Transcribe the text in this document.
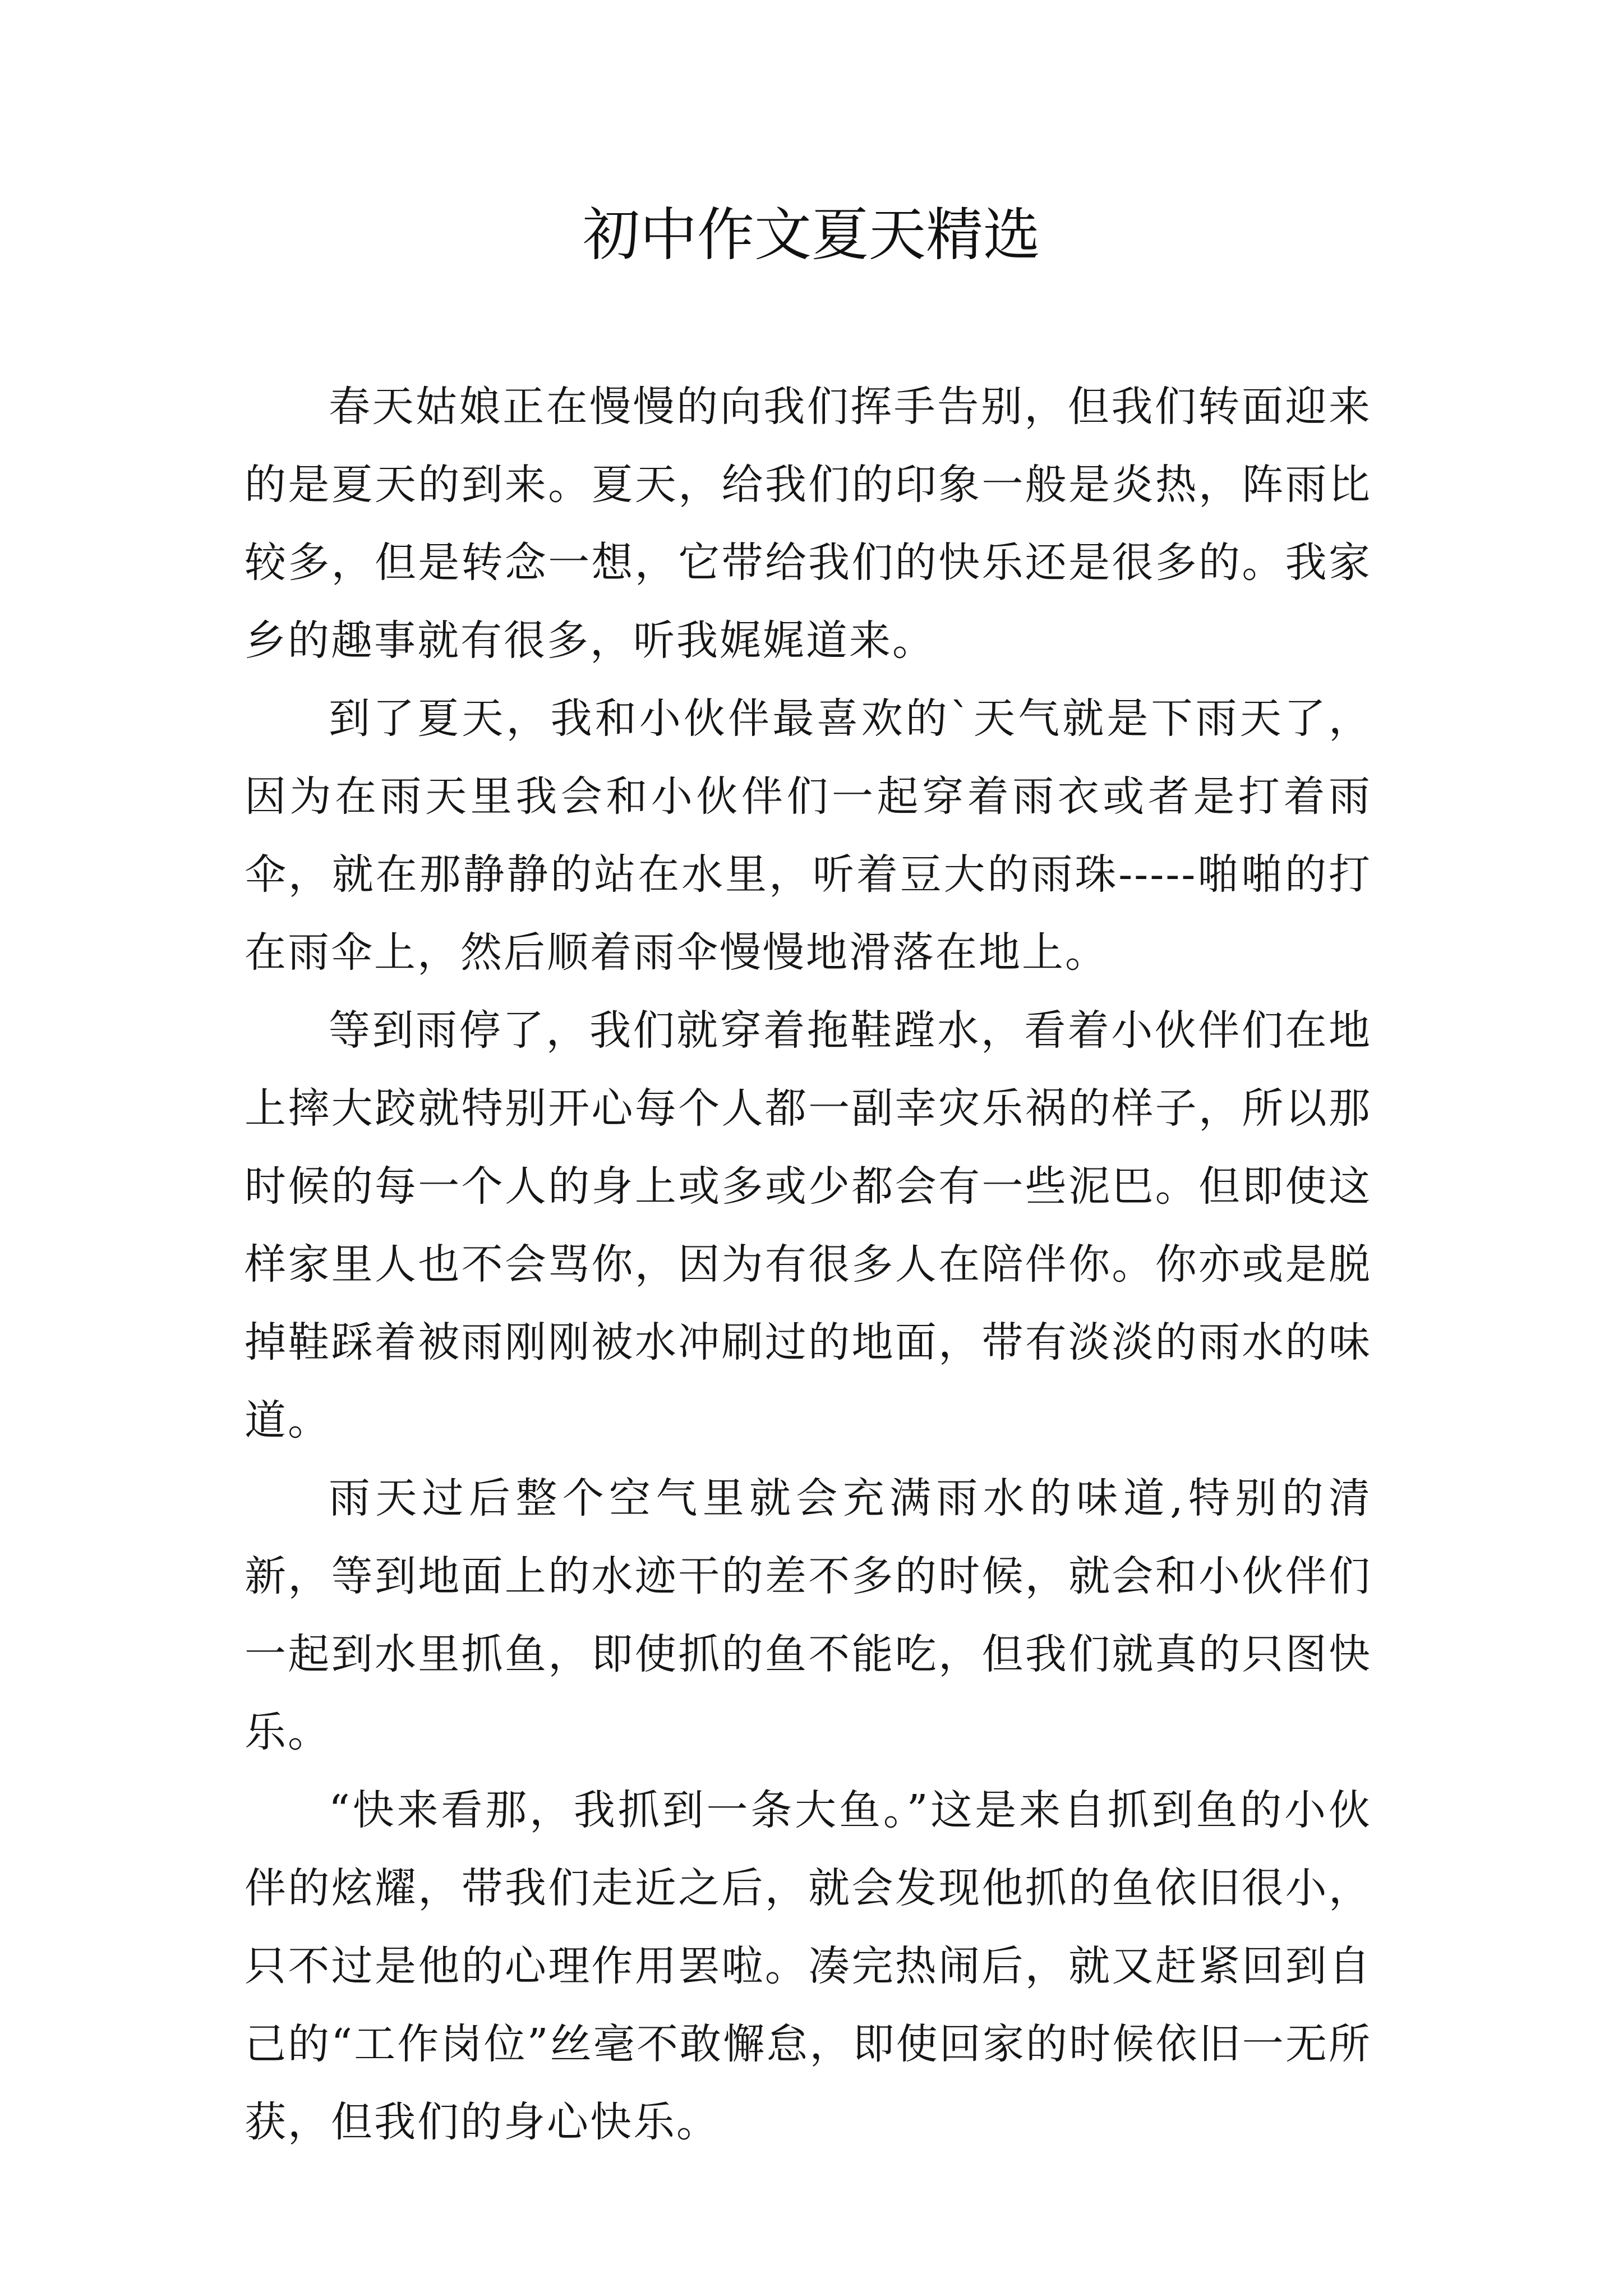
初中作文夏天精选

春天姑娘正在慢慢的向我们挥手告别，但我们转面迎来的是夏天的到来。夏天，给我们的印象一般是炎热，阵雨比较多，但是转念一想，它带给我们的快乐还是很多的。我家乡的趣事就有很多，听我娓娓道来。

到了夏天，我和小伙伴最喜欢的`天气就是下雨天了，因为在雨天里我会和小伙伴们一起穿着雨衣或者是打着雨伞，就在那静静的站在水里，听着豆大的雨珠-----啪啪的打在雨伞上，然后顺着雨伞慢慢地滑落在地上。

等到雨停了，我们就穿着拖鞋蹚水，看着小伙伴们在地上摔大跤就特别开心每个人都一副幸灾乐祸的样子，所以那时候的每一个人的身上或多或少都会有一些泥巴。但即使这样家里人也不会骂你，因为有很多人在陪伴你。你亦或是脱掉鞋踩着被雨刚刚被水冲刷过的地面，带有淡淡的雨水的味道。

雨天过后整个空气里就会充满雨水的味道,特别的清新，等到地面上的水迹干的差不多的时候，就会和小伙伴们一起到水里抓鱼，即使抓的鱼不能吃，但我们就真的只图快乐。

“快来看那，我抓到一条大鱼。”这是来自抓到鱼的小伙伴的炫耀，带我们走近之后，就会发现他抓的鱼依旧很小，只不过是他的心理作用罢啦。凑完热闹后，就又赶紧回到自己的“工作岗位”丝毫不敢懈怠，即使回家的时候依旧一无所获，但我们的身心快乐。
